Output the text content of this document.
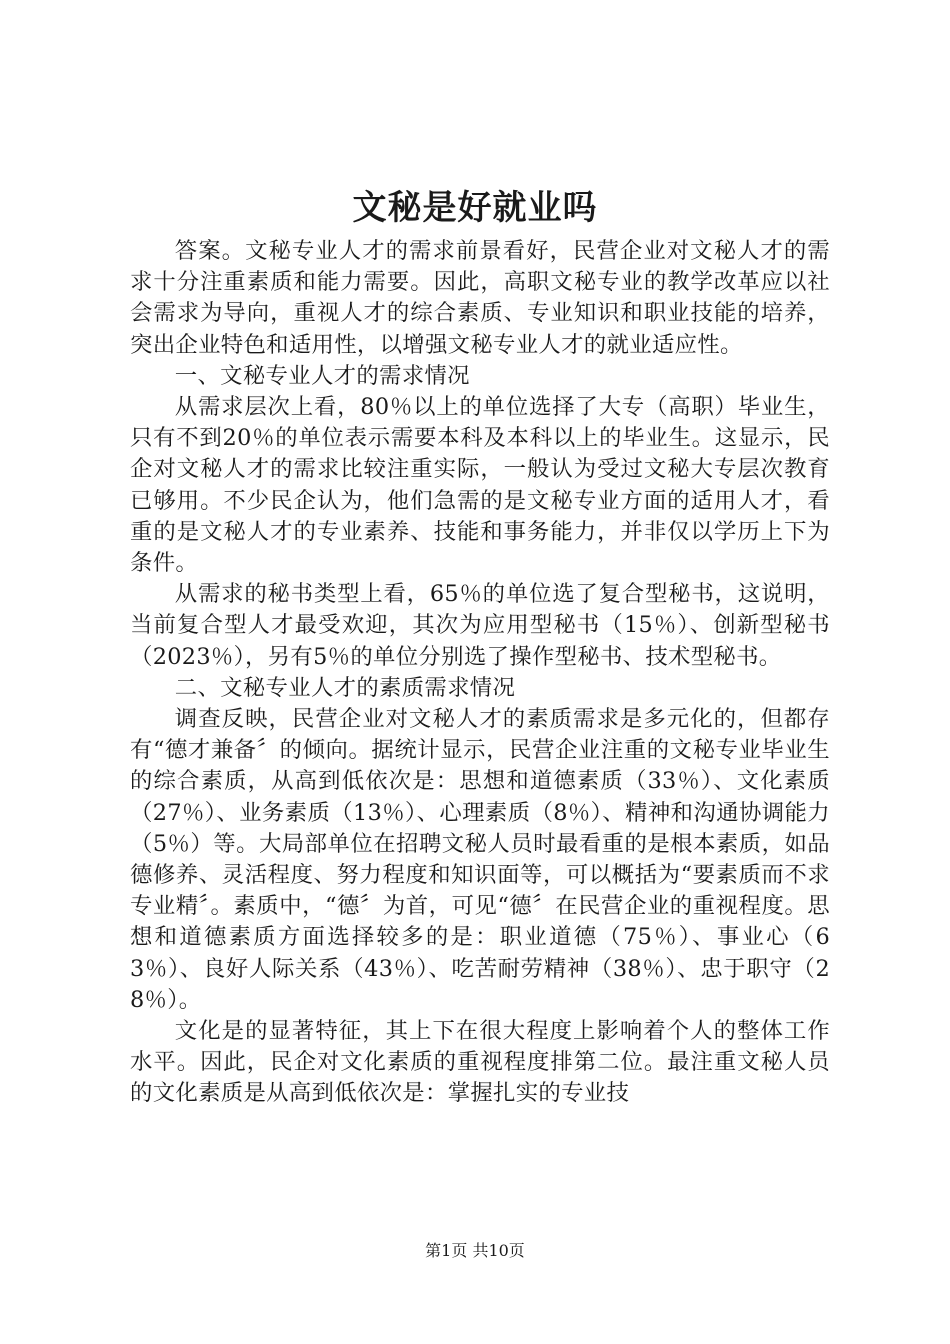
文秘是好就业吗

答案。文秘专业人才的需求前景看好，民营企业对文秘人才的需求十分注重素质和能力需要。因此，高职文秘专业的教学改革应以社会需求为导向，重视人才的综合素质、专业知识和职业技能的培养，突出企业特色和适用性，以增强文秘专业人才的就业适应性。

一、文秘专业人才的需求情况

从需求层次上看，80％以上的单位选择了大专（高职）毕业生，只有不到20％的单位表示需要本科及本科以上的毕业生。这显示，民企对文秘人才的需求比较注重实际，一般认为受过文秘大专层次教育已够用。不少民企认为，他们急需的是文秘专业方面的适用人才，看重的是文秘人才的专业素养、技能和事务能力，并非仅以学历上下为条件。

从需求的秘书类型上看，65％的单位选了复合型秘书，这说明，当前复合型人才最受欢迎，其次为应用型秘书（15％）、创新型秘书（2023％），另有5％的单位分别选了操作型秘书、技术型秘书。

二、文秘专业人才的素质需求情况

调查反映，民营企业对文秘人才的素质需求是多元化的，但都存有“德才兼备〞的倾向。据统计显示，民营企业注重的文秘专业毕业生的综合素质，从高到低依次是：思想和道德素质（33％）、文化素质（27％）、业务素质（13％）、心理素质（8％）、精神和沟通协调能力（5％）等。大局部单位在招聘文秘人员时最看重的是根本素质，如品德修养、灵活程度、努力程度和知识面等，可以概括为“要素质而不求专业精〞。素质中，“德〞为首，可见“德〞在民营企业的重视程度。思想和道德素质方面选择较多的是：职业道德（75％）、事业心（63％）、良好人际关系（43％）、吃苦耐劳精神（38％）、忠于职守（28％）。

文化是的显著特征，其上下在很大程度上影响着个人的整体工作水平。因此，民企对文化素质的重视程度排第二位。最注重文秘人员的文化素质是从高到低依次是：掌握扎实的专业技

第1页 共10页
